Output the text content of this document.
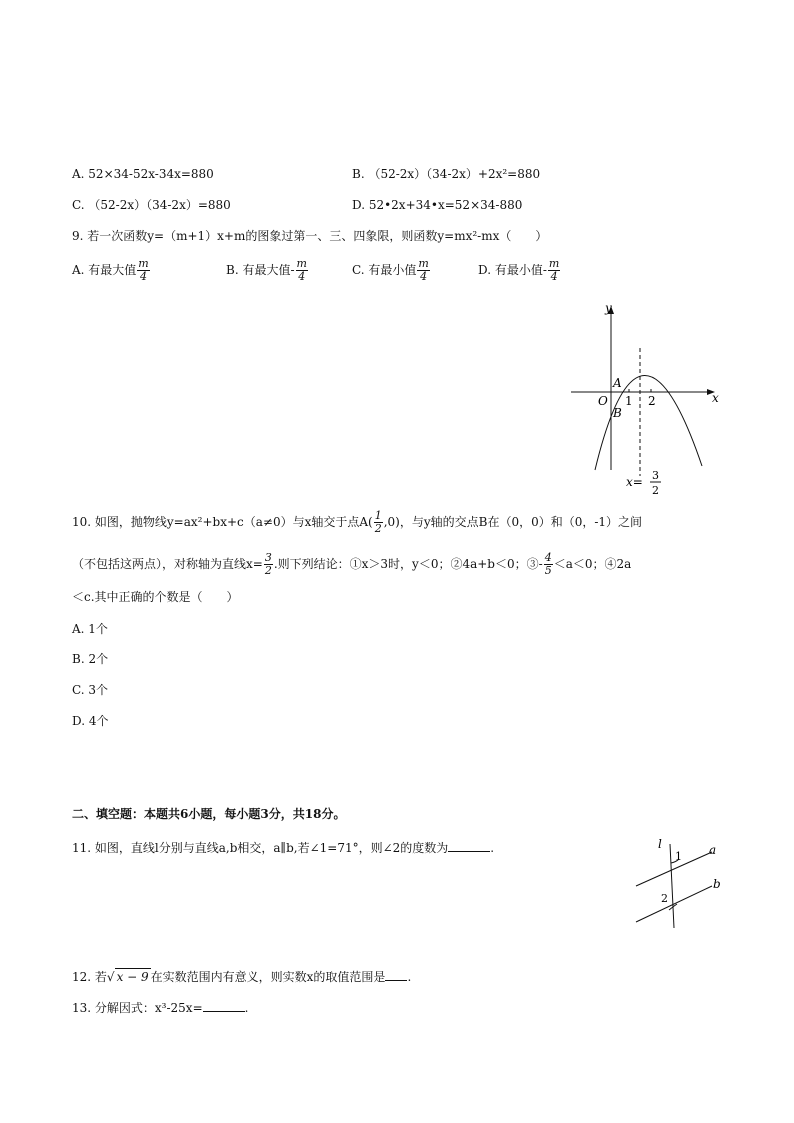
A. 52×34-52x-34x=880	B. （52-2x）（34-2x）+2x²=880
C. （52-2x）（34-2x）=880	D. 52•2x+34•x=52×34-880
9. 若一次函数y=（m+1）x+m的图象过第一、三、四象限，则函数y=mx²-mx（　　）
A. 有最大值 $\frac{m}{4}$	B. 有最大值- $\frac{m}{4}$	C. 有最小值 $\frac{m}{4}$	D. 有最小值- $\frac{m}{4}$
y
x
O
A
B
1 2
x= 3
2
10. 如图，抛物线y=ax²+bx+c（a≠0）与x轴交于点$A( \frac{1}{2} ,0)$，与y轴的交点B在（0，0）和（0，-1）之间
（不包括这两点），对称轴为直线$x= \frac{3}{2}$ .则下列结论：①x＞3时，y＜0；②4a+b＜0；③- $\frac{4}{5} <a<0$；④2a
＜c.其中正确的个数是（　　）
A. 1个
B. 2个
C. 3个
D. 4个
二、填空题：本题共6小题，每小题3分，共18分。
11. 如图，直线l分别与直线a,b相交，a∥b,若∠1=71°，则∠2的度数为	.	l
1 a
b
2
12. 若√ x − 9 在实数范围内有意义，则实数x的取值范围是 .
13. 分解因式：x³-25x=	.
